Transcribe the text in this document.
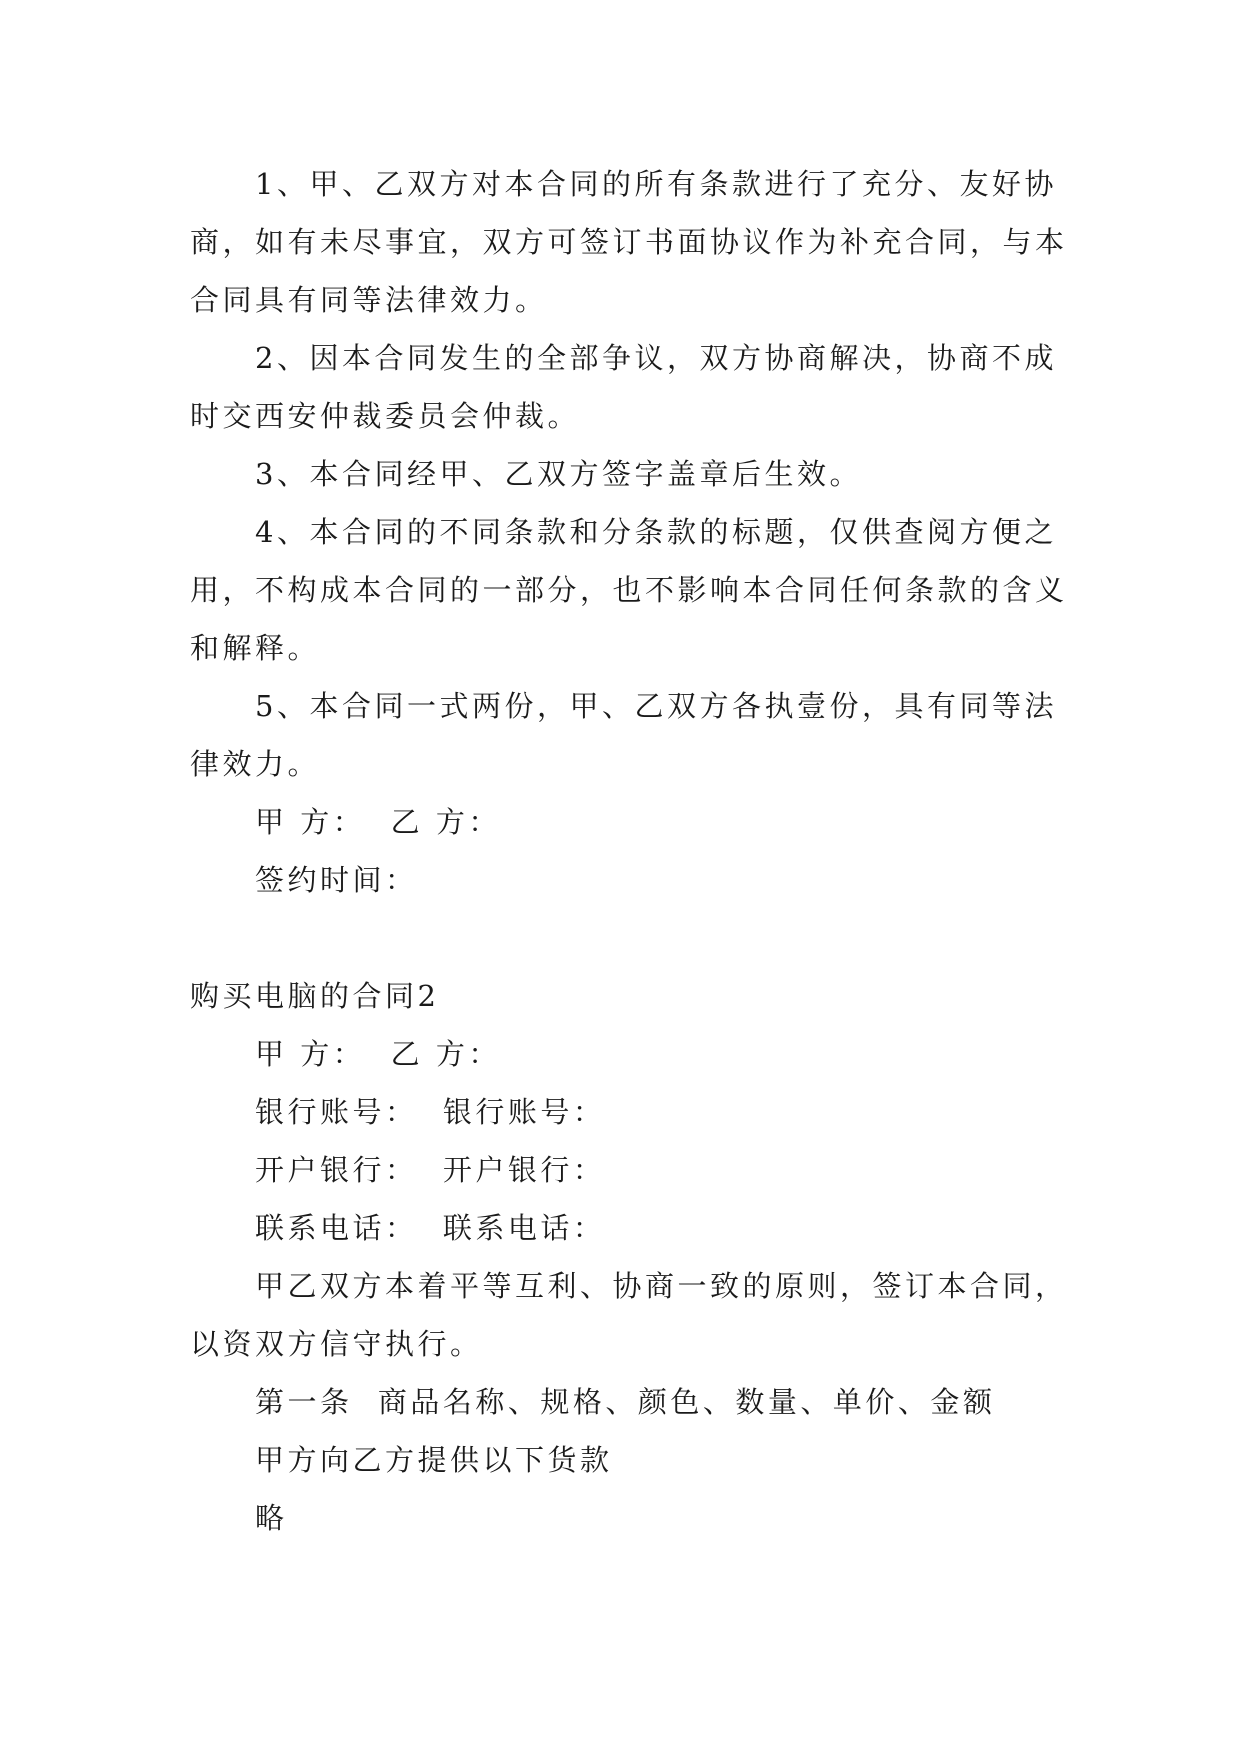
1、甲、乙双方对本合同的所有条款进行了充分、友好协商，如有未尽事宜，双方可签订书面协议作为补充合同，与本合同具有同等法律效力。

2、因本合同发生的全部争议，双方协商解决，协商不成时交西安仲裁委员会仲裁。

3、本合同经甲、乙双方签字盖章后生效。

4、本合同的不同条款和分条款的标题，仅供查阅方便之用，不构成本合同的一部分，也不影响本合同任何条款的含义和解释。

5、本合同一式两份，甲、乙双方各执壹份，具有同等法律效力。

甲 方：  乙 方：

签约时间：

购买电脑的合同2

甲 方：  乙 方：

银行账号：  银行账号：

开户银行：  开户银行：

联系电话：  联系电话：

甲乙双方本着平等互利、协商一致的原则，签订本合同，以资双方信守执行。

第一条  商品名称、规格、颜色、数量、单价、金额

甲方向乙方提供以下货款

略
